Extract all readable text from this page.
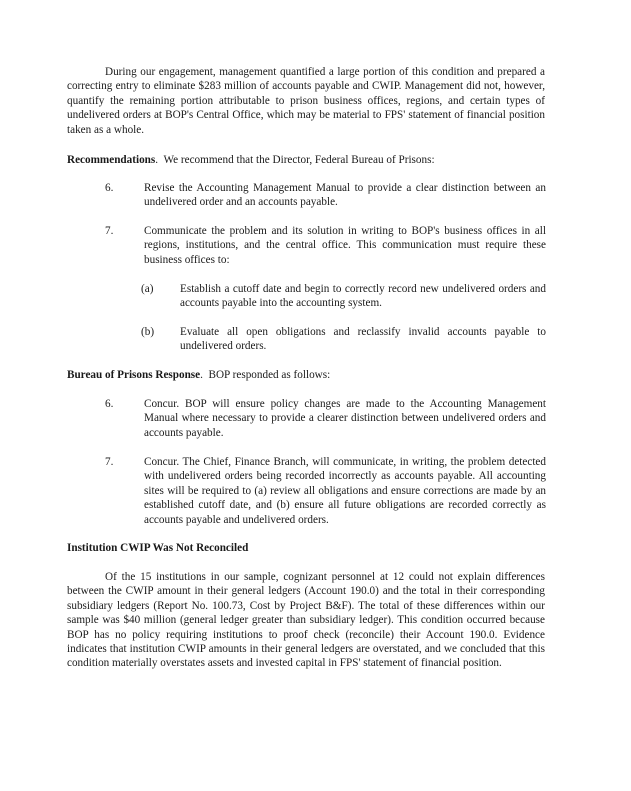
During our engagement, management quantified a large portion of this condition and prepared a correcting entry to eliminate $283 million of accounts payable and CWIP. Management did not, however, quantify the remaining portion attributable to prison business offices, regions, and certain types of undelivered orders at BOP's Central Office, which may be material to FPS' statement of financial position taken as a whole.

Recommendations. We recommend that the Director, Federal Bureau of Prisons:

6.	Revise the Accounting Management Manual to provide a clear distinction between an undelivered order and an accounts payable.
7.	Communicate the problem and its solution in writing to BOP's business offices in all regions, institutions, and the central office. This communication must require these business offices to:
(a)	Establish a cutoff date and begin to correctly record new undelivered orders and accounts payable into the accounting system.
(b)	Evaluate all open obligations and reclassify invalid accounts payable to undelivered orders.

Bureau of Prisons Response. BOP responded as follows:

6.	Concur. BOP will ensure policy changes are made to the Accounting Management Manual where necessary to provide a clearer distinction between undelivered orders and accounts payable.
7.	Concur. The Chief, Finance Branch, will communicate, in writing, the problem detected with undelivered orders being recorded incorrectly as accounts payable. All accounting sites will be required to (a) review all obligations and ensure corrections are made by an established cutoff date, and (b) ensure all future obligations are recorded correctly as accounts payable and undelivered orders.

Institution CWIP Was Not Reconciled

Of the 15 institutions in our sample, cognizant personnel at 12 could not explain differences between the CWIP amount in their general ledgers (Account 190.0) and the total in their corresponding subsidiary ledgers (Report No. 100.73, Cost by Project B&F). The total of these differences within our sample was $40 million (general ledger greater than subsidiary ledger). This condition occurred because BOP has no policy requiring institutions to proof check (reconcile) their Account 190.0. Evidence indicates that institution CWIP amounts in their general ledgers are overstated, and we concluded that this condition materially overstates assets and invested capital in FPS' statement of financial position.
